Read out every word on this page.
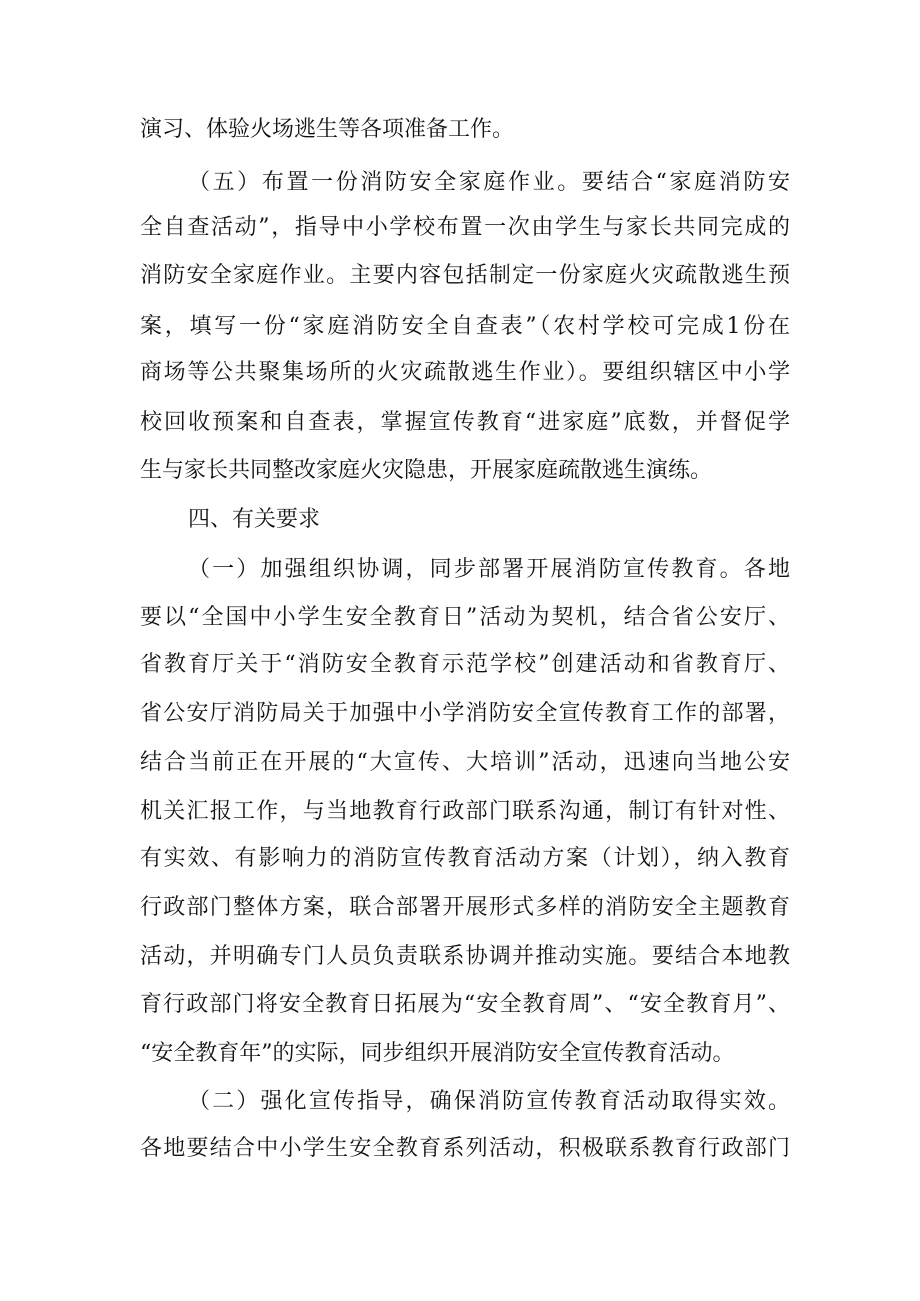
演习、体验火场逃生等各项准备工作。
（五）布置一份消防安全家庭作业。要结合“家庭消防安
全自查活动”，指导中小学校布置一次由学生与家长共同完成的
消防安全家庭作业。主要内容包括制定一份家庭火灾疏散逃生预
案，填写一份“家庭消防安全自查表”（农村学校可完成1份在
商场等公共聚集场所的火灾疏散逃生作业）。要组织辖区中小学
校回收预案和自查表，掌握宣传教育“进家庭”底数，并督促学
生与家长共同整改家庭火灾隐患，开展家庭疏散逃生演练。
四、有关要求
（一）加强组织协调，同步部署开展消防宣传教育。各地
要以“全国中小学生安全教育日”活动为契机，结合省公安厅、
省教育厅关于“消防安全教育示范学校”创建活动和省教育厅、
省公安厅消防局关于加强中小学消防安全宣传教育工作的部署，
结合当前正在开展的“大宣传、大培训”活动，迅速向当地公安
机关汇报工作，与当地教育行政部门联系沟通，制订有针对性、
有实效、有影响力的消防宣传教育活动方案（计划），纳入教育
行政部门整体方案，联合部署开展形式多样的消防安全主题教育
活动，并明确专门人员负责联系协调并推动实施。要结合本地教
育行政部门将安全教育日拓展为“安全教育周”、“安全教育月”、
“安全教育年”的实际，同步组织开展消防安全宣传教育活动。
（二）强化宣传指导，确保消防宣传教育活动取得实效。
各地要结合中小学生安全教育系列活动，积极联系教育行政部门
